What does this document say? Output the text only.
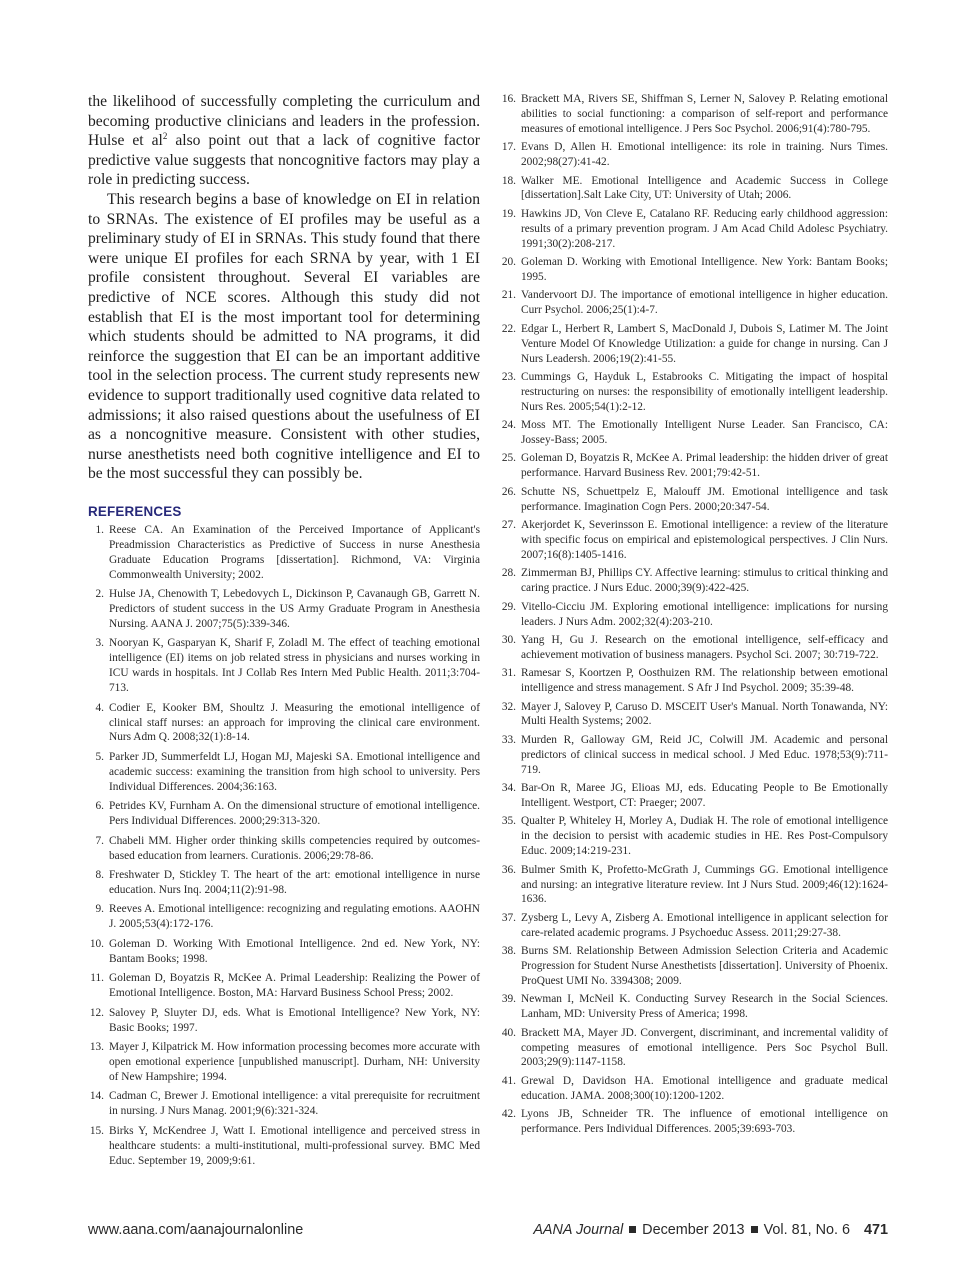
the likelihood of successfully completing the curriculum and becoming productive clinicians and leaders in the profession. Hulse et $al^2$ also point out that a lack of cognitive factor predictive value suggests that noncognitive factors may play a role in predicting success.

This research begins a base of knowledge on EI in relation to SRNAs. The existence of EI profiles may be useful as a preliminary study of EI in SRNAs. This study found that there were unique EI profiles for each SRNA by year, with 1 EI profile consistent throughout. Several EI variables are predictive of NCE scores. Although this study did not establish that EI is the most important tool for determining which students should be admitted to NA programs, it did reinforce the suggestion that EI can be an important additive tool in the selection process. The current study represents new evidence to support traditionally used cognitive data related to admissions; it also raised questions about the usefulness of EI as a noncognitive measure. Consistent with other studies, nurse anesthetists need both cognitive intelligence and EI to be the most successful they can possibly be.

REFERENCES
1. Reese CA. An Examination of the Perceived Importance of Applicant's Preadmission Characteristics as Predictive of Success in nurse Anesthesia Graduate Education Programs [dissertation]. Richmond, VA: Virginia Commonwealth University; 2002.
2. Hulse JA, Chenowith T, Lebedovych L, Dickinson P, Cavanaugh GB, Garrett N. Predictors of student success in the US Army Graduate Program in Anesthesia Nursing. AANA J. 2007;75(5):339-346.
3. Nooryan K, Gasparyan K, Sharif F, Zoladl M. The effect of teaching emotional intelligence (EI) items on job related stress in physicians and nurses working in ICU wards in hospitals. Int J Collab Res Intern Med Public Health. 2011;3:704-713.
4. Codier E, Kooker BM, Shoultz J. Measuring the emotional intelligence of clinical staff nurses: an approach for improving the clinical care environment. Nurs Adm Q. 2008;32(1):8-14.
5. Parker JD, Summerfeldt LJ, Hogan MJ, Majeski SA. Emotional intelligence and academic success: examining the transition from high school to university. Pers Individual Differences. 2004;36:163.
6. Petrides KV, Furnham A. On the dimensional structure of emotional intelligence. Pers Individual Differences. 2000;29:313-320.
7. Chabeli MM. Higher order thinking skills competencies required by outcomes-based education from learners. Curationis. 2006;29:78-86.
8. Freshwater D, Stickley T. The heart of the art: emotional intelligence in nurse education. Nurs Inq. 2004;11(2):91-98.
9. Reeves A. Emotional intelligence: recognizing and regulating emotions. AAOHN J. 2005;53(4):172-176.
10. Goleman D. Working With Emotional Intelligence. 2nd ed. New York, NY: Bantam Books; 1998.
11. Goleman D, Boyatzis R, McKee A. Primal Leadership: Realizing the Power of Emotional Intelligence. Boston, MA: Harvard Business School Press; 2002.
12. Salovey P, Sluyter DJ, eds. What is Emotional Intelligence? New York, NY: Basic Books; 1997.
13. Mayer J, Kilpatrick M. How information processing becomes more accurate with open emotional experience [unpublished manuscript]. Durham, NH: University of New Hampshire; 1994.
14. Cadman C, Brewer J. Emotional intelligence: a vital prerequisite for recruitment in nursing. J Nurs Manag. 2001;9(6):321-324.
15. Birks Y, McKendree J, Watt I. Emotional intelligence and perceived stress in healthcare students: a multi-institutional, multi-professional survey. BMC Med Educ. September 19, 2009;9:61.
16. Brackett MA, Rivers SE, Shiffman S, Lerner N, Salovey P. Relating emotional abilities to social functioning: a comparison of self-report and performance measures of emotional intelligence. J Pers Soc Psychol. 2006;91(4):780-795.
17. Evans D, Allen H. Emotional intelligence: its role in training. Nurs Times. 2002;98(27):41-42.
18. Walker ME. Emotional Intelligence and Academic Success in College [dissertation].Salt Lake City, UT: University of Utah; 2006.
19. Hawkins JD, Von Cleve E, Catalano RF. Reducing early childhood aggression: results of a primary prevention program. J Am Acad Child Adolesc Psychiatry. 1991;30(2):208-217.
20. Goleman D. Working with Emotional Intelligence. New York: Bantam Books; 1995.
21. Vandervoort DJ. The importance of emotional intelligence in higher education. Curr Psychol. 2006;25(1):4-7.
22. Edgar L, Herbert R, Lambert S, MacDonald J, Dubois S, Latimer M. The Joint Venture Model Of Knowledge Utilization: a guide for change in nursing. Can J Nurs Leadersh. 2006;19(2):41-55.
23. Cummings G, Hayduk L, Estabrooks C. Mitigating the impact of hospital restructuring on nurses: the responsibility of emotionally intelligent leadership. Nurs Res. 2005;54(1):2-12.
24. Moss MT. The Emotionally Intelligent Nurse Leader. San Francisco, CA: Jossey-Bass; 2005.
25. Goleman D, Boyatzis R, McKee A. Primal leadership: the hidden driver of great performance. Harvard Business Rev. 2001;79:42-51.
26. Schutte NS, Schuettpelz E, Malouff JM. Emotional intelligence and task performance. Imagination Cogn Pers. 2000;20:347-54.
27. Akerjordet K, Severinsson E. Emotional intelligence: a review of the literature with specific focus on empirical and epistemological perspectives. J Clin Nurs. 2007;16(8):1405-1416.
28. Zimmerman BJ, Phillips CY. Affective learning: stimulus to critical thinking and caring practice. J Nurs Educ. 2000;39(9):422-425.
29. Vitello-Cicciu JM. Exploring emotional intelligence: implications for nursing leaders. J Nurs Adm. 2002;32(4):203-210.
30. Yang H, Gu J. Research on the emotional intelligence, self-efficacy and achievement motivation of business managers. Psychol Sci. 2007; 30:719-722.
31. Ramesar S, Koortzen P, Oosthuizen RM. The relationship between emotional intelligence and stress management. S Afr J Ind Psychol. 2009; 35:39-48.
32. Mayer J, Salovey P, Caruso D. MSCEIT User's Manual. North Tonawanda, NY: Multi Health Systems; 2002.
33. Murden R, Galloway GM, Reid JC, Colwill JM. Academic and personal predictors of clinical success in medical school. J Med Educ. 1978;53(9):711-719.
34. Bar-On R, Maree JG, Elioas MJ, eds. Educating People to Be Emotionally Intelligent. Westport, CT: Praeger; 2007.
35. Qualter P, Whiteley H, Morley A, Dudiak H. The role of emotional intelligence in the decision to persist with academic studies in HE. Res Post-Compulsory Educ. 2009;14:219-231.
36. Bulmer Smith K, Profetto-McGrath J, Cummings GG. Emotional intelligence and nursing: an integrative literature review. Int J Nurs Stud. 2009;46(12):1624-1636.
37. Zysberg L, Levy A, Zisberg A. Emotional intelligence in applicant selection for care-related academic programs. J Psychoeduc Assess. 2011;29:27-38.
38. Burns SM. Relationship Between Admission Selection Criteria and Academic Progression for Student Nurse Anesthetists [dissertation]. University of Phoenix. ProQuest UMI No. 3394308; 2009.
39. Newman I, McNeil K. Conducting Survey Research in the Social Sciences. Lanham, MD: University Press of America; 1998.
40. Brackett MA, Mayer JD. Convergent, discriminant, and incremental validity of competing measures of emotional intelligence. Pers Soc Psychol Bull. 2003;29(9):1147-1158.
41. Grewal D, Davidson HA. Emotional intelligence and graduate medical education. JAMA. 2008;300(10):1200-1202.
42. Lyons JB, Schneider TR. The influence of emotional intelligence on performance. Pers Individual Differences. 2005;39:693-703.
www.aana.com/aanajournalonline	AANA Journal December 2013 Vol. 81, No. 6 471
